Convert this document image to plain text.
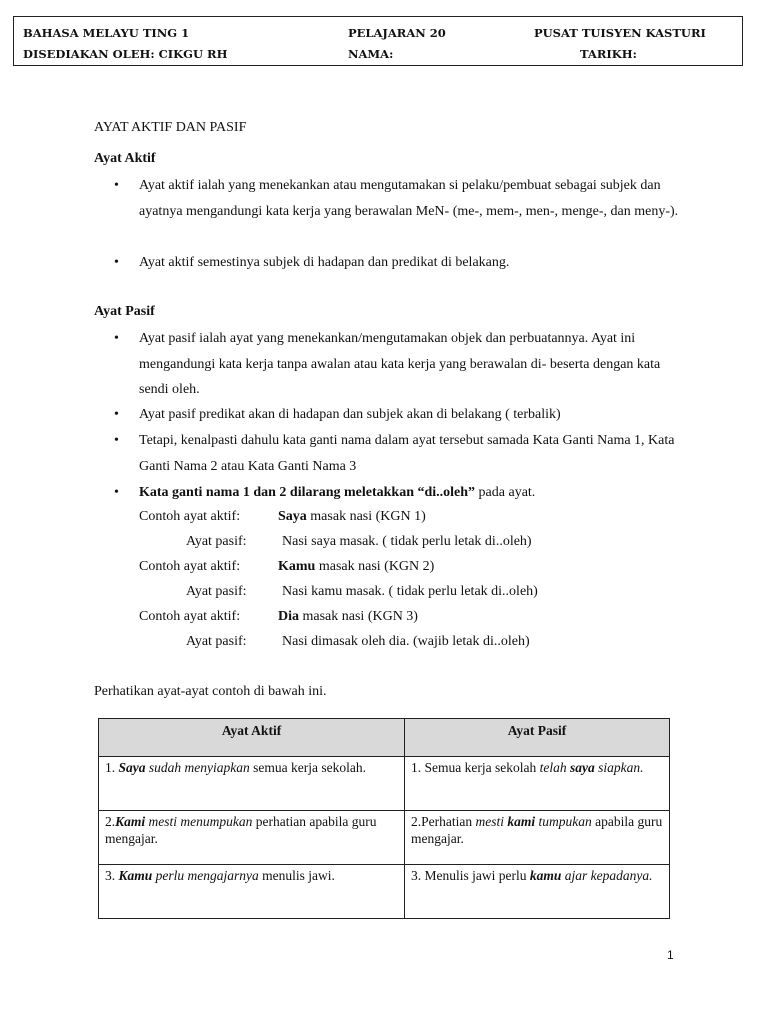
BAHASA MELAYU TING 1	PELAJARAN 20	PUSAT TUISYEN KASTURI
DISEDIAKAN OLEH: CIKGU RH	NAMA:	TARIKH:
AYAT AKTIF DAN PASIF
Ayat Aktif
• Ayat aktif ialah yang menekankan atau mengutamakan si pelaku/pembuat sebagai subjek dan ayatnya mengandungi kata kerja yang berawalan MeN- (me-, mem-, men-, menge-, dan meny-).
• Ayat aktif semestinya subjek di hadapan dan predikat di belakang.
Ayat Pasif
• Ayat pasif ialah ayat yang menekankan/mengutamakan objek dan perbuatannya. Ayat ini mengandungi kata kerja tanpa awalan atau kata kerja yang berawalan di- beserta dengan kata sendi oleh.
• Ayat pasif predikat akan di hadapan dan subjek akan di belakang ( terbalik)
• Tetapi, kenalpasti dahulu kata ganti nama dalam ayat tersebut samada Kata Ganti Nama 1, Kata Ganti Nama 2 atau Kata Ganti Nama 3
• Kata ganti nama 1 dan 2 dilarang meletakkan “di..oleh” pada ayat.
Contoh ayat aktif:	Saya masak nasi (KGN 1)
Ayat pasif:	Nasi saya masak. ( tidak perlu letak di..oleh)
Contoh ayat aktif:	Kamu masak nasi (KGN 2)
Ayat pasif:	Nasi kamu masak. ( tidak perlu letak di..oleh)
Contoh ayat aktif:	Dia masak nasi (KGN 3)
Ayat pasif:	Nasi dimasak oleh dia. (wajib letak di..oleh)
Perhatikan ayat-ayat contoh di bawah ini.
Ayat Aktif	Ayat Pasif
1. Saya sudah menyiapkan semua kerja sekolah.	1. Semua kerja sekolah telah saya siapkan.
2.Kami mesti menumpukan perhatian apabila guru mengajar.	2.Perhatian mesti kami tumpukan apabila guru mengajar.
3. Kamu perlu mengajarnya menulis jawi.	3. Menulis jawi perlu kamu ajar kepadanya.
1
